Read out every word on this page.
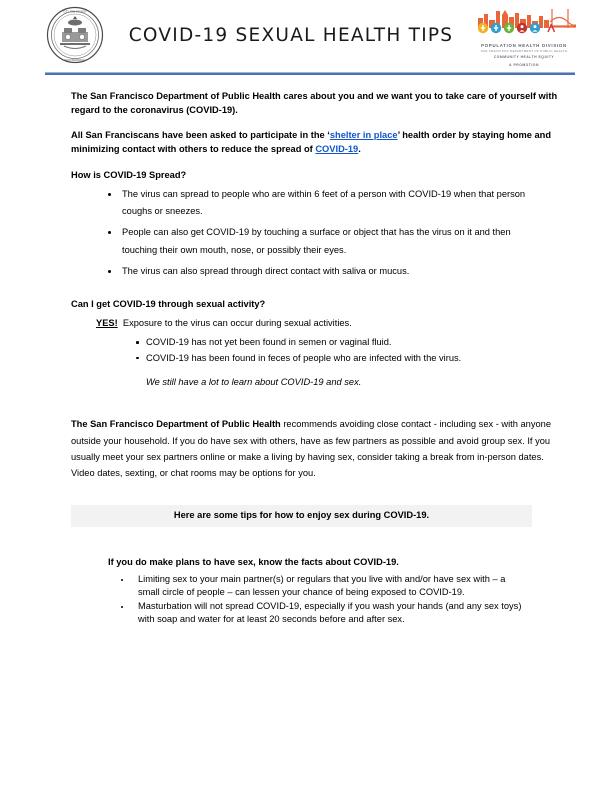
CITY AND COUNTY
SAN FRANCISCO
COVID-19 SEXUAL HEALTH TIPS
POPULATION HEALTH DIVISION
SAN FRANCISCO DEPARTMENT OF PUBLIC HEALTH
COMMUNITY HEALTH EQUITY
& PROMOTION

The San Francisco Department of Public Health cares about you and we want you to take care of yourself with regard to the coronavirus (COVID-19).

All San Franciscans have been asked to participate in the ‘shelter in place’ health order by staying home and minimizing contact with others to reduce the spread of COVID-19.

How is COVID-19 Spread?

The virus can spread to people who are within 6 feet of a person with COVID-19 when that person coughs or sneezes.
People can also get COVID-19 by touching a surface or object that has the virus on it and then touching their own mouth, nose, or possibly their eyes.
The virus can also spread through direct contact with saliva or mucus.

Can I get COVID-19 through sexual activity?

YES! Exposure to the virus can occur during sexual activities.

COVID-19 has not yet been found in semen or vaginal fluid.
COVID-19 has been found in feces of people who are infected with the virus.

We still have a lot to learn about COVID-19 and sex.

The San Francisco Department of Public Health recommends avoiding close contact - including sex - with anyone outside your household. If you do have sex with others, have as few partners as possible and avoid group sex. If you usually meet your sex partners online or make a living by having sex, consider taking a break from in-person dates. Video dates, sexting, or chat rooms may be options for you.

Here are some tips for how to enjoy sex during COVID-19.

If you do make plans to have sex, know the facts about COVID-19.

Limiting sex to your main partner(s) or regulars that you live with and/or have sex with – a small circle of people – can lessen your chance of being exposed to COVID-19.
Masturbation will not spread COVID-19, especially if you wash your hands (and any sex toys) with soap and water for at least 20 seconds before and after sex.
